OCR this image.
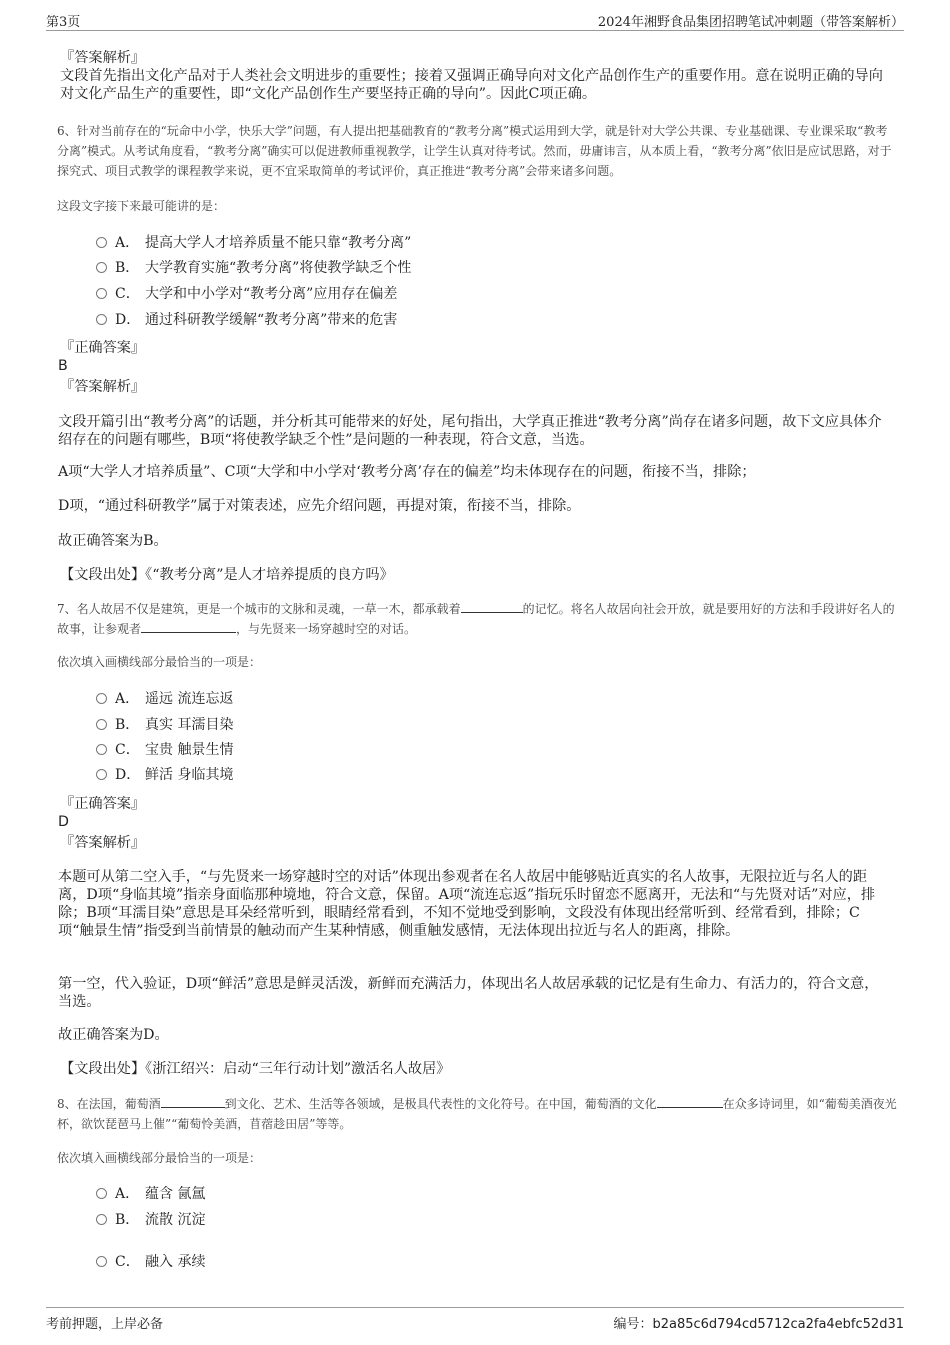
第3页	2024年湘野食品集团招聘笔试冲刺题（带答案解析）
『答案解析』
文段首先指出文化产品对于人类社会文明进步的重要性；接着又强调正确导向对文化产品创作生产的重要作用。意在说明正确的导向对文化产品生产的重要性，即“文化产品创作生产要坚持正确的导向”。因此C项正确。
6、针对当前存在的“玩命中小学，快乐大学”问题，有人提出把基础教育的“教考分离”模式运用到大学，就是针对大学公共课、专业基础课、专业课采取“教考分离”模式。从考试角度看，“教考分离”确实可以促进教师重视教学，让学生认真对待考试。然而，毋庸讳言，从本质上看，“教考分离”依旧是应试思路，对于探究式、项目式教学的课程教学来说，更不宜采取简单的考试评价，真正推进“教考分离”会带来诸多问题。
这段文字接下来最可能讲的是：
A． 提高大学人才培养质量不能只靠“教考分离”
B． 大学教育实施“教考分离”将使教学缺乏个性
C． 大学和中小学对“教考分离”应用存在偏差
D． 通过科研教学缓解“教考分离”带来的危害
『正确答案』
B
『答案解析』
文段开篇引出“教考分离”的话题，并分析其可能带来的好处，尾句指出，大学真正推进“教考分离”尚存在诸多问题，故下文应具体介绍存在的问题有哪些，B项“将使教学缺乏个性”是问题的一种表现，符合文意，当选。
A项“大学人才培养质量”、C项“大学和中小学对‘教考分离’存在的偏差”均未体现存在的问题，衔接不当，排除；
D项，“通过科研教学”属于对策表述，应先介绍问题，再提对策，衔接不当，排除。
故正确答案为B。
【文段出处】《“教考分离”是人才培养提质的良方吗》
7、名人故居不仅是建筑，更是一个城市的文脉和灵魂，一草一木，都承载着	的记忆。将名人故居向社会开放，就是要用好的方法和手段讲好名人的故事，让参观者	，与先贤来一场穿越时空的对话。
依次填入画横线部分最恰当的一项是：
A． 遥远 流连忘返
B． 真实 耳濡目染
C． 宝贵 触景生情
D． 鲜活 身临其境
『正确答案』
D
『答案解析』
本题可从第二空入手，“与先贤来一场穿越时空的对话”体现出参观者在名人故居中能够贴近真实的名人故事，无限拉近与名人的距离，D项“身临其境”指亲身面临那种境地，符合文意，保留。A项“流连忘返”指玩乐时留恋不愿离开，无法和“与先贤对话”对应，排除；B项“耳濡目染”意思是耳朵经常听到，眼睛经常看到，不知不觉地受到影响，文段没有体现出经常听到、经常看到，排除；C项“触景生情”指受到当前情景的触动而产生某种情感，侧重触发感情，无法体现出拉近与名人的距离，排除。
第一空，代入验证，D项“鲜活”意思是鲜灵活泼，新鲜而充满活力，体现出名人故居承载的记忆是有生命力、有活力的，符合文意，当选。
故正确答案为D。
【文段出处】《浙江绍兴：启动“三年行动计划”激活名人故居》
8、在法国，葡萄酒	到文化、艺术、生活等各领域，是极具代表性的文化符号。在中国，葡萄酒的文化	在众多诗词里，如“葡萄美酒夜光杯，欲饮琵琶马上催”“葡萄怜美酒，苜蓿趁田居”等等。
依次填入画横线部分最恰当的一项是：
A． 蕴含 氤氲
B． 流散 沉淀
C． 融入 承续
考前押题，上岸必备	编号：b2a85c6d794cd5712ca2fa4ebfc52d31
